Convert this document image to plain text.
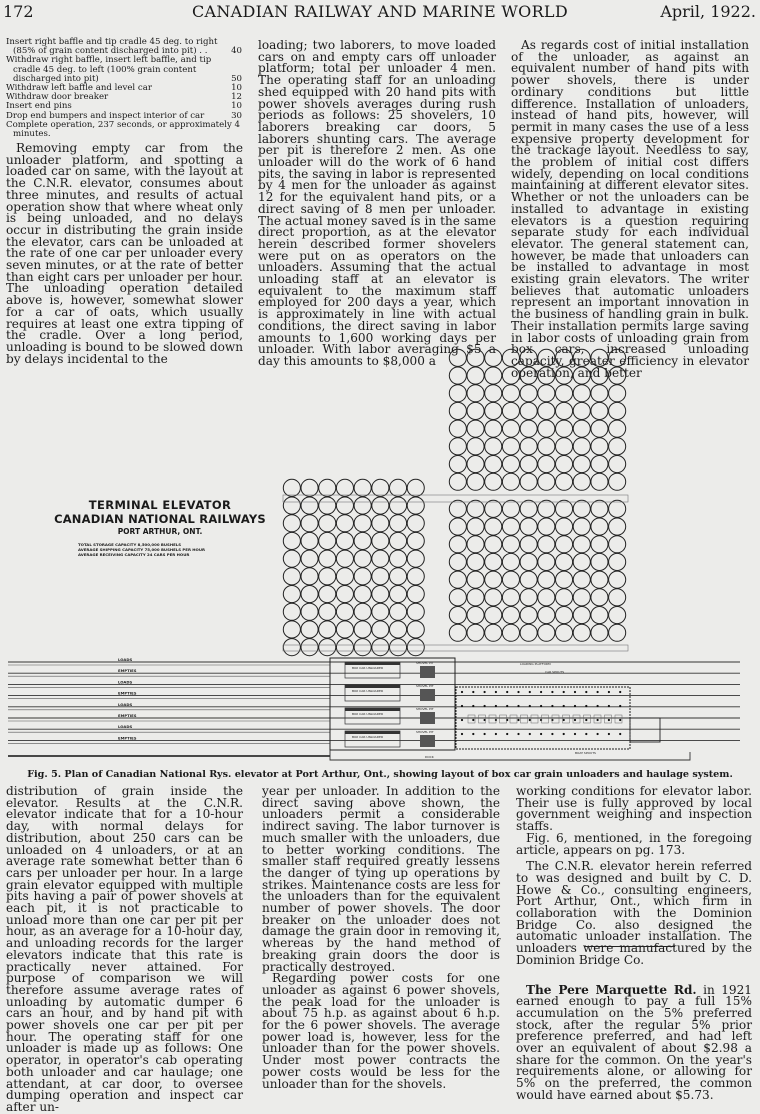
172	CANADIAN RAILWAY AND MARINE WORLD	April, 1922.
Insert right baffle and tip cradle 45 deg. to right (85% of grain content discharged into pit) . .	40
Withdraw right baffle, insert left baffle, and tip cradle 45 deg. to left (100% grain content discharged into pit)	50
Withdraw left baffle and level car	10
Withdraw door breaker	12
Insert end pins	10
Drop end bumpers and inspect interior of car	30
Complete operation, 237 seconds, or approximately 4 minutes.

Removing empty car from the unloader platform, and spotting a loaded car on same, with the layout at the C.N.R. elevator, consumes about three minutes, and results of actual operation show that where wheat only is being unloaded, and no delays occur in distributing the grain inside the elevator, cars can be unloaded at the rate of one car per unloader every seven minutes, or at the rate of better than eight cars per unloader per hour. The unloading operation detailed above is, however, somewhat slower for a car of oats, which usually requires at least one extra tipping of the cradle. Over a long period, unloading is bound to be slowed down by delays incidental to the

loading; two laborers, to move loaded cars on and empty cars off unloader platform; total per unloader 4 men. The operating staff for an unloading shed equipped with 20 hand pits with power shovels averages during rush periods as follows: 25 shovelers, 10 laborers breaking car doors, 5 laborers shunting cars. The average per pit is therefore 2 men. As one unloader will do the work of 6 hand pits, the saving in labor is represented by 4 men for the unloader as against 12 for the equivalent hand pits, or a direct saving of 8 men per unloader. The actual money saved is in the same direct proportion, as at the elevator herein described former shovelers were put on as operators on the unloaders. Assuming that the actual unloading staff at an elevator is equivalent to the maximum staff employed for 200 days a year, which is approximately in line with actual conditions, the direct saving in labor amounts to 1,600 working days per unloader. With labor averaging $5 a day this amounts to $8,000 a

As regards cost of initial installation of the unloader, as against an equivalent number of hand pits with power shovels, there is under ordinary conditions but little difference. Installation of unloaders, instead of hand pits, however, will permit in many cases the use of a less expensive property development for the trackage layout. Needless to say, the problem of initial cost differs widely, depending on local conditions maintaining at different elevator sites. Whether or not the unloaders can be installed to advantage in existing elevators is a question requiring separate study for each individual elevator. The general statement can, however, be made that unloaders can be installed to advantage in most existing grain elevators. The writer believes that automatic unloaders represent an important innovation in the business of handling grain in bulk. Their installation permits large saving in labor costs of unloading grain from box cars, increased unloading capacity, greater efficiency in elevator operation, and better

LOADS
EMPTIES
LOADS
EMPTIES
LOADS
EMPTIES
LOADS
EMPTIES
BOX CAR UNLOADER
SHOVEL PIT
BOX CAR UNLOADER
SHOVEL PIT
BOX CAR UNLOADER
SHOVEL PIT
BOX CAR UNLOADER
SHOVEL PIT
LOADING PLATFORM
CAR SPOUTS
DOCK
BOAT SPOUTS
TERMINAL ELEVATOR
CANADIAN NATIONAL RAILWAYS
PORT ARTHUR, ONT.
TOTAL STORAGE CAPACITY 8,500,000 BUSHELS
AVERAGE SHIPPING CAPACITY 75,000 BUSHELS PER HOUR
AVERAGE RECEIVING CAPACITY 24 CARS PER HOUR
Fig. 5. Plan of Canadian National Rys. elevator at Port Arthur, Ont., showing layout of box car grain unloaders and haulage system.

distribution of grain inside the elevator. Results at the C.N.R. elevator indicate that for a 10-hour day, with normal delays for distribution, about 250 cars can be unloaded on 4 unloaders, or at an average rate somewhat better than 6 cars per unloader per hour. In a large grain elevator equipped with multiple pits having a pair of power shovels at each pit, it is not practicable to unload more than one car per pit per hour, as an average for a 10-hour day, and unloading records for the larger elevators indicate that this rate is practically never attained. For purpose of comparison we will therefore assume average rates of unloading by automatic dumper 6 cars an hour, and by hand pit with power shovels one car per pit per hour. The operating staff for one unloader is made up as follows: One operator, in operator's cab operating both unloader and car haulage; one attendant, at car door, to oversee dumping operation and inspect car after un-

year per unloader. In addition to the direct saving above shown, the unloaders permit a considerable indirect saving. The labor turnover is much smaller with the unloaders, due to better working conditions. The smaller staff required greatly lessens the danger of tying up operations by strikes. Maintenance costs are less for the unloaders than for the equivalent number of power shovels. The door breaker on the unloader does not damage the grain door in removing it, whereas by the hand method of breaking grain doors the door is practically destroyed.

Regarding power costs for one unloader as against 6 power shovels, the peak load for the unloader is about 75 h.p. as against about 6 h.p. for the 6 power shovels. The average power load is, however, less for the unloader than for the power shovels. Under most power contracts the power costs would be less for the unloader than for the shovels.

working conditions for elevator labor. Their use is fully approved by local government weighing and inspection staffs.

Fig. 6, mentioned, in the foregoing article, appears on pg. 173.

The C.N.R. elevator herein referred to was designed and built by C. D. Howe & Co., consulting engineers, Port Arthur, Ont., which firm in collaboration with the Dominion Bridge Co. also designed the automatic unloader installation. The unloaders were manufactured by the Dominion Bridge Co.

The Pere Marquette Rd. in 1921 earned enough to pay a full 15% accumulation on the 5% preferred stock, after the regular 5% prior preference preferred, and had left over an equivalent of about $2.98 a share for the common. On the year's requirements alone, or allowing for 5% on the preferred, the common would have earned about $5.73.
